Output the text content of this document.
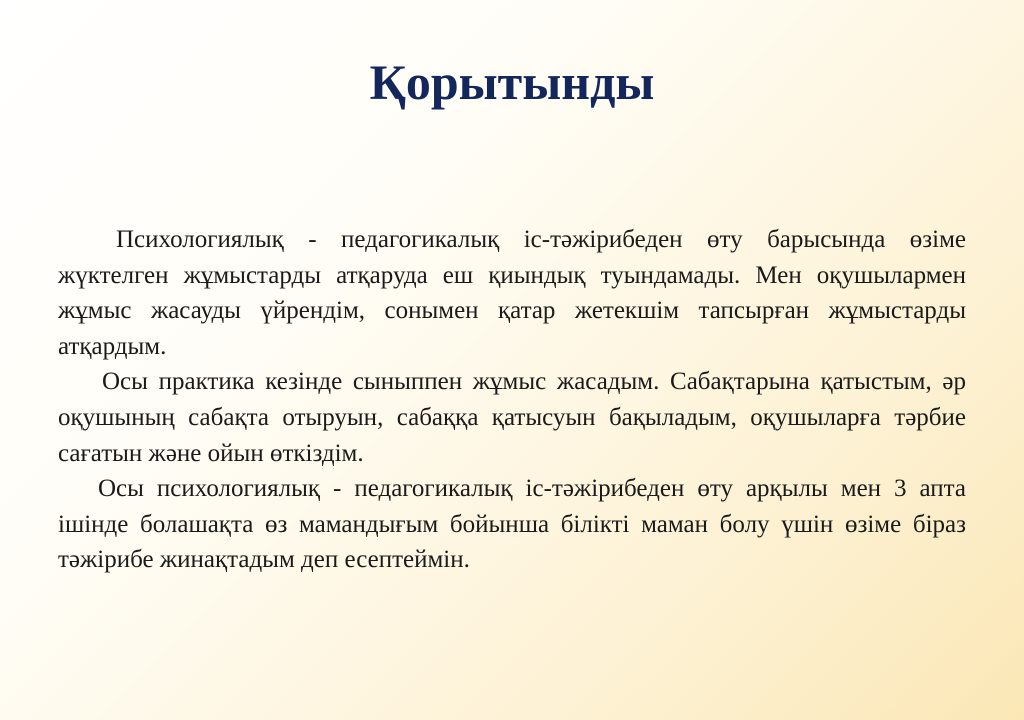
Қорытынды

Психологиялық - педагогикалық іс-тәжірибеден өту барысында өзіме жүктелген жұмыстарды атқаруда еш қиындық туындамады. Мен оқушылармен жұмыс жасауды үйрендім, сонымен қатар жетекшім тапсырған жұмыстарды атқардым.

Осы практика кезінде сыныппен жұмыс жасадым. Сабақтарына қатыстым, әр оқушының сабақта отыруын, сабаққа қатысуын бақыладым, оқушыларға тәрбие сағатын және ойын өткіздім.

Осы психологиялық - педагогикалық іс-тәжірибеден өту арқылы мен 3 апта ішінде болашақта өз мамандығым бойынша білікті маман болу үшін өзіме біраз тәжірибе жинақтадым деп есептеймін.
